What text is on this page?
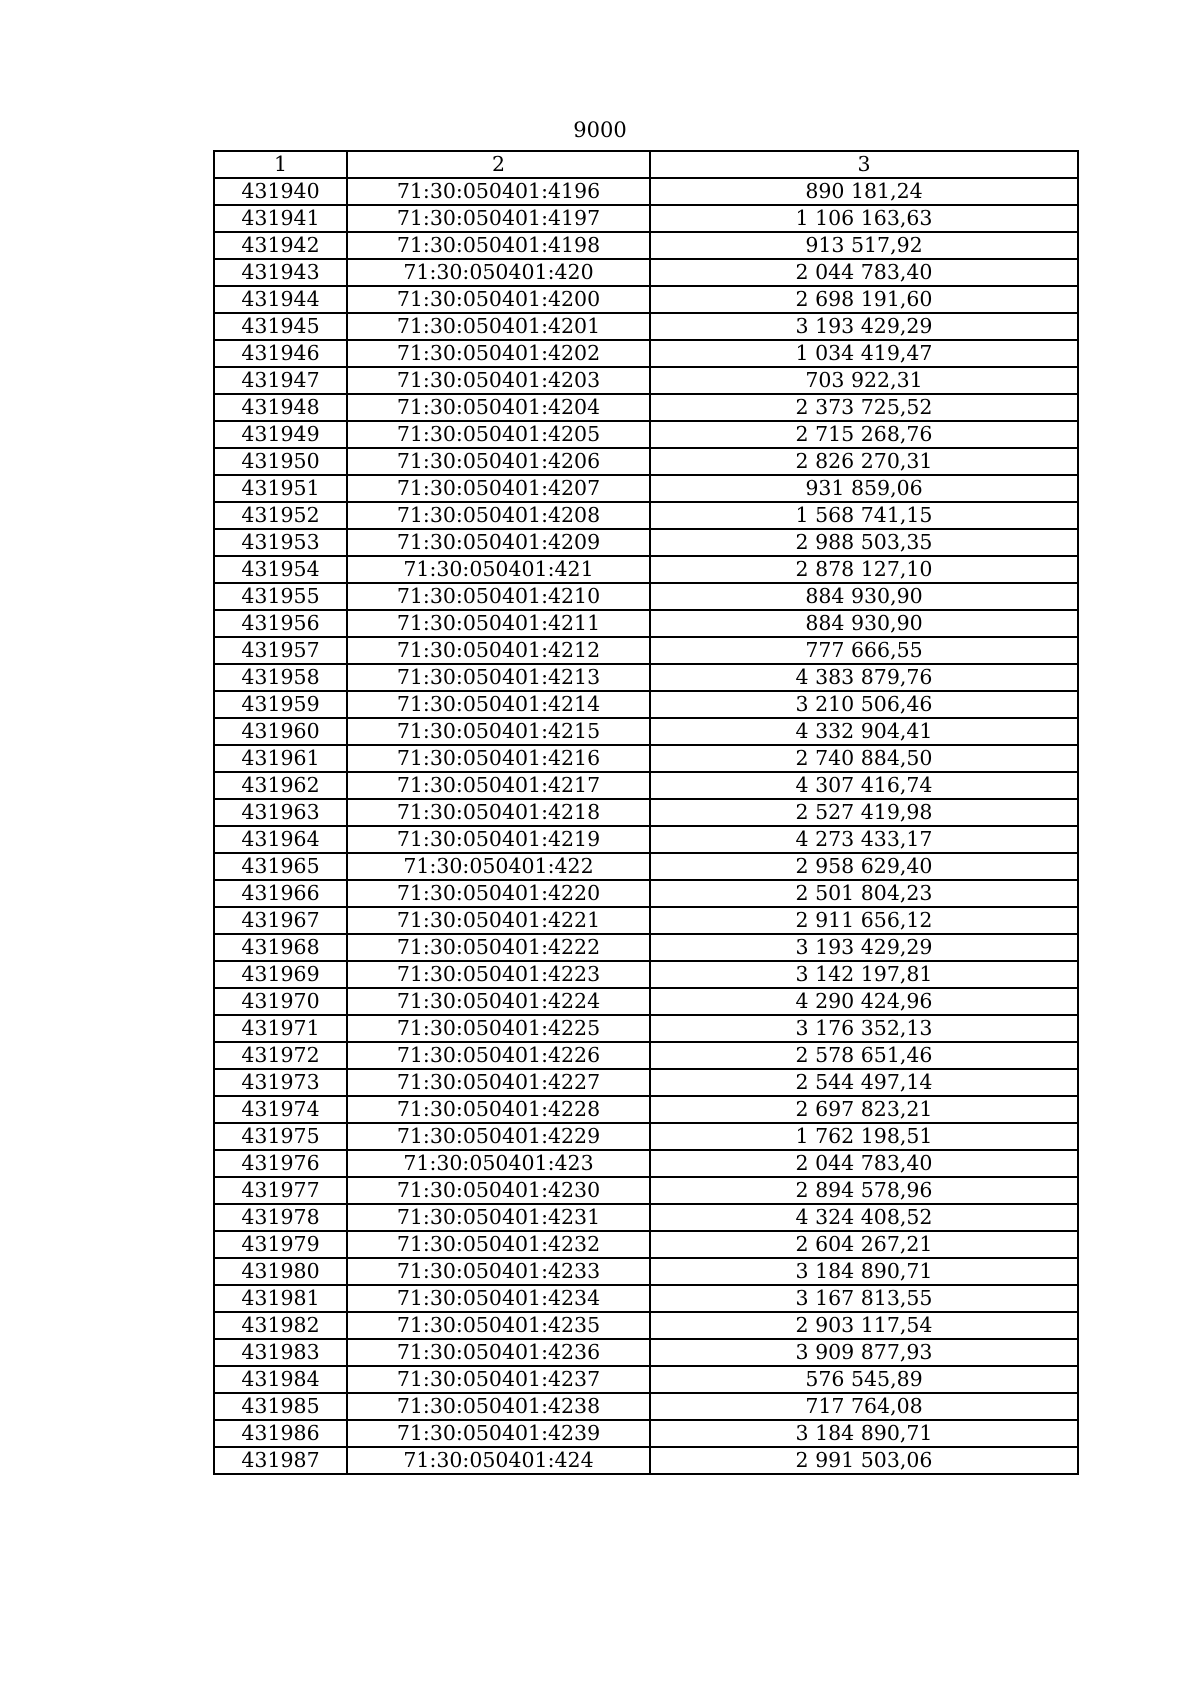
9000
1	2	3
431940	71:30:050401:4196	890 181,24
431941	71:30:050401:4197	1 106 163,63
431942	71:30:050401:4198	913 517,92
431943	71:30:050401:420	2 044 783,40
431944	71:30:050401:4200	2 698 191,60
431945	71:30:050401:4201	3 193 429,29
431946	71:30:050401:4202	1 034 419,47
431947	71:30:050401:4203	703 922,31
431948	71:30:050401:4204	2 373 725,52
431949	71:30:050401:4205	2 715 268,76
431950	71:30:050401:4206	2 826 270,31
431951	71:30:050401:4207	931 859,06
431952	71:30:050401:4208	1 568 741,15
431953	71:30:050401:4209	2 988 503,35
431954	71:30:050401:421	2 878 127,10
431955	71:30:050401:4210	884 930,90
431956	71:30:050401:4211	884 930,90
431957	71:30:050401:4212	777 666,55
431958	71:30:050401:4213	4 383 879,76
431959	71:30:050401:4214	3 210 506,46
431960	71:30:050401:4215	4 332 904,41
431961	71:30:050401:4216	2 740 884,50
431962	71:30:050401:4217	4 307 416,74
431963	71:30:050401:4218	2 527 419,98
431964	71:30:050401:4219	4 273 433,17
431965	71:30:050401:422	2 958 629,40
431966	71:30:050401:4220	2 501 804,23
431967	71:30:050401:4221	2 911 656,12
431968	71:30:050401:4222	3 193 429,29
431969	71:30:050401:4223	3 142 197,81
431970	71:30:050401:4224	4 290 424,96
431971	71:30:050401:4225	3 176 352,13
431972	71:30:050401:4226	2 578 651,46
431973	71:30:050401:4227	2 544 497,14
431974	71:30:050401:4228	2 697 823,21
431975	71:30:050401:4229	1 762 198,51
431976	71:30:050401:423	2 044 783,40
431977	71:30:050401:4230	2 894 578,96
431978	71:30:050401:4231	4 324 408,52
431979	71:30:050401:4232	2 604 267,21
431980	71:30:050401:4233	3 184 890,71
431981	71:30:050401:4234	3 167 813,55
431982	71:30:050401:4235	2 903 117,54
431983	71:30:050401:4236	3 909 877,93
431984	71:30:050401:4237	576 545,89
431985	71:30:050401:4238	717 764,08
431986	71:30:050401:4239	3 184 890,71
431987	71:30:050401:424	2 991 503,06
